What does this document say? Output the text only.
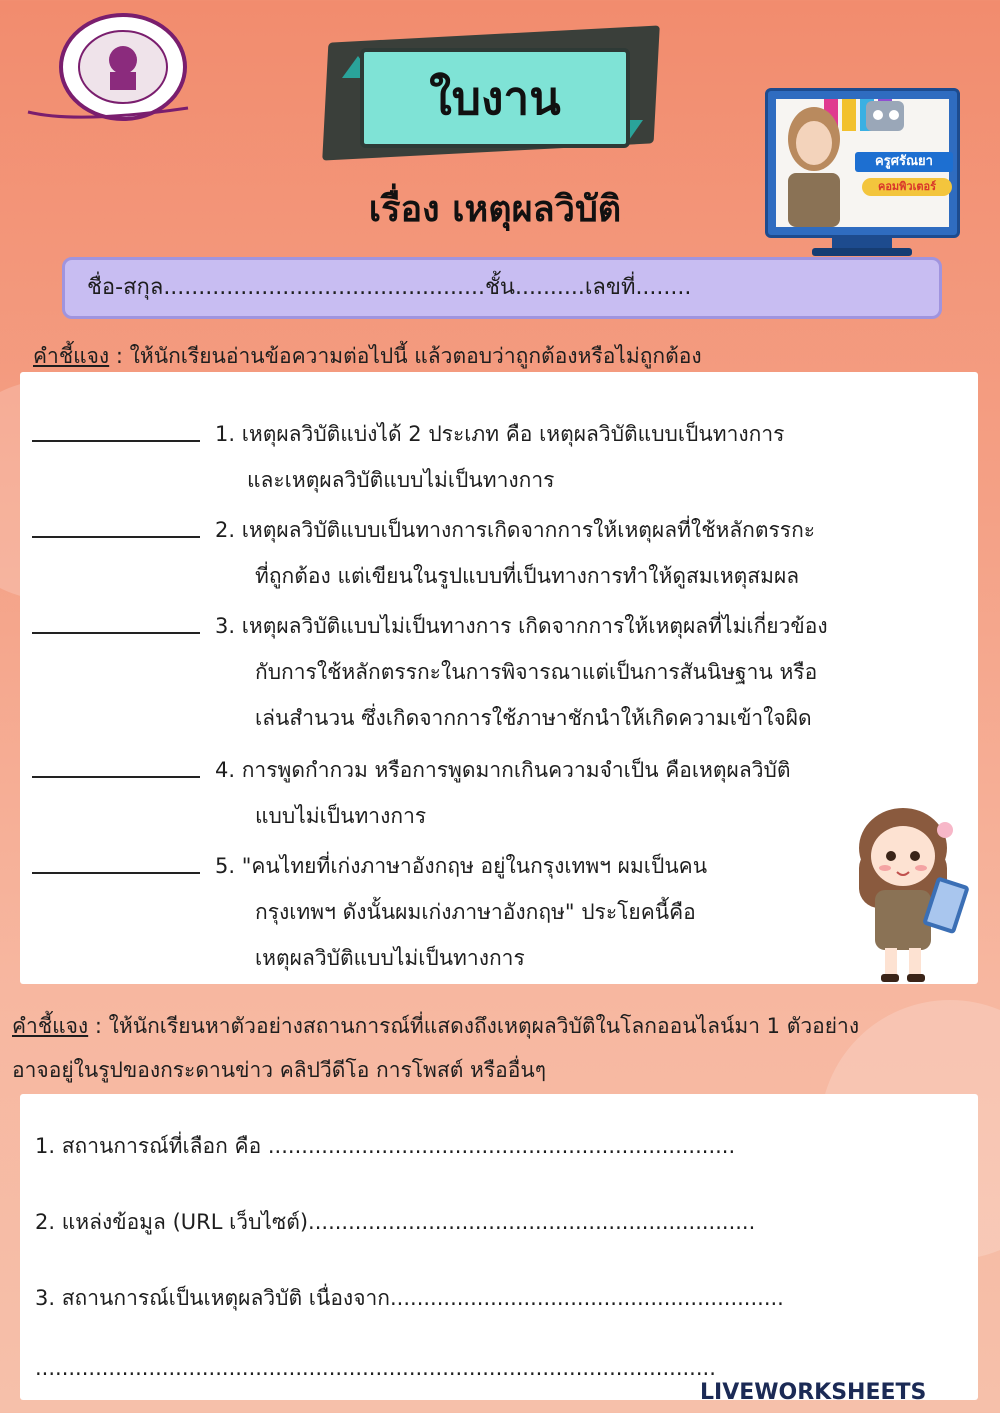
ใบงาน
เรื่อง เหตุผลวิบัติ
ครูศรัณยา
คอมพิวเตอร์
ชื่อ-สกุล..............................................ชั้น..........เลขที่........
คำชี้แจง : ให้นักเรียนอ่านข้อความต่อไปนี้ แล้วตอบว่าถูกต้องหรือไม่ถูกต้อง
1. เหตุผลวิบัติแบ่งได้ 2 ประเภท คือ เหตุผลวิบัติแบบเป็นทางการ
และเหตุผลวิบัติแบบไม่เป็นทางการ
2. เหตุผลวิบัติแบบเป็นทางการเกิดจากการให้เหตุผลที่ใช้หลักตรรกะ
ที่ถูกต้อง แต่เขียนในรูปแบบที่เป็นทางการทำให้ดูสมเหตุสมผล
3. เหตุผลวิบัติแบบไม่เป็นทางการ เกิดจากการให้เหตุผลที่ไม่เกี่ยวข้อง
กับการใช้หลักตรรกะในการพิจารณาแต่เป็นการสันนิษฐาน หรือ
เล่นสำนวน ซึ่งเกิดจากการใช้ภาษาชักนำให้เกิดความเข้าใจผิด
4. การพูดกำกวม หรือการพูดมากเกินความจำเป็น คือเหตุผลวิบัติ
แบบไม่เป็นทางการ
5. "คนไทยที่เก่งภาษาอังกฤษ อยู่ในกรุงเทพฯ ผมเป็นคน
กรุงเทพฯ ดังนั้นผมเก่งภาษาอังกฤษ" ประโยคนี้คือ
เหตุผลวิบัติแบบไม่เป็นทางการ
คำชี้แจง : ให้นักเรียนหาตัวอย่างสถานการณ์ที่แสดงถึงเหตุผลวิบัติในโลกออนไลน์มา 1 ตัวอย่าง
อาจอยู่ในรูปของกระดานข่าว คลิปวีดีโอ การโพสต์ หรืออื่นๆ
1. สถานการณ์ที่เลือก คือ ......................................................................
2. แหล่งข้อมูล (URL เว็บไซต์)...................................................................
3. สถานการณ์เป็นเหตุผลวิบัติ เนื่องจาก...........................................................
......................................................................................................
LIVEWORKSHEETS
